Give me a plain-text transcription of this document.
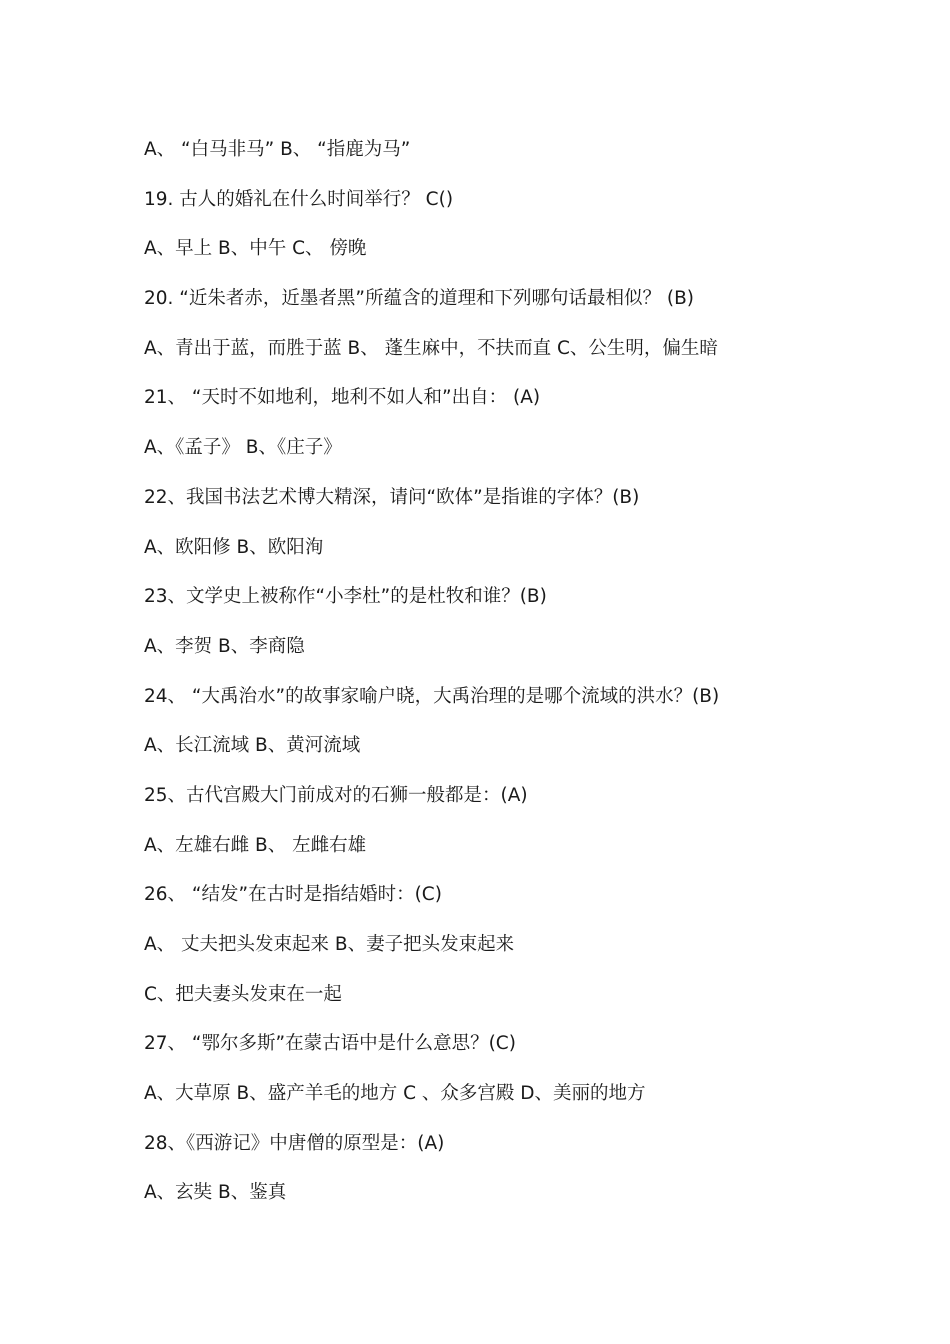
A、 “白马非马” B、 “指鹿为马”
19. 古人的婚礼在什么时间举行？ C()
A、早上 B、中午 C、 傍晚
20. “近朱者赤，近墨者黑”所蕴含的道理和下列哪句话最相似？ (B)
A、青出于蓝，而胜于蓝 B、 蓬生麻中，不扶而直 C、公生明，偏生暗
21、 “天时不如地利，地利不如人和”出自： (A)
A、《孟子》 B、《庄子》
22、我国书法艺术博大精深，请问“欧体”是指谁的字体？(B)
A、欧阳修 B、欧阳洵
23、文学史上被称作“小李杜”的是杜牧和谁？(B)
A、李贺 B、李商隐
24、 “大禹治水”的故事家喻户晓，大禹治理的是哪个流域的洪水？(B)
A、长江流域 B、黄河流域
25、古代宫殿大门前成对的石狮一般都是：(A)
A、左雄右雌 B、 左雌右雄
26、 “结发”在古时是指结婚时：(C)
A、 丈夫把头发束起来 B、妻子把头发束起来
C、把夫妻头发束在一起
27、 “鄂尔多斯”在蒙古语中是什么意思？(C)
A、大草原 B、盛产羊毛的地方 C 、众多宫殿 D、美丽的地方
28、《西游记》中唐僧的原型是：(A)
A、玄奘 B、鉴真
